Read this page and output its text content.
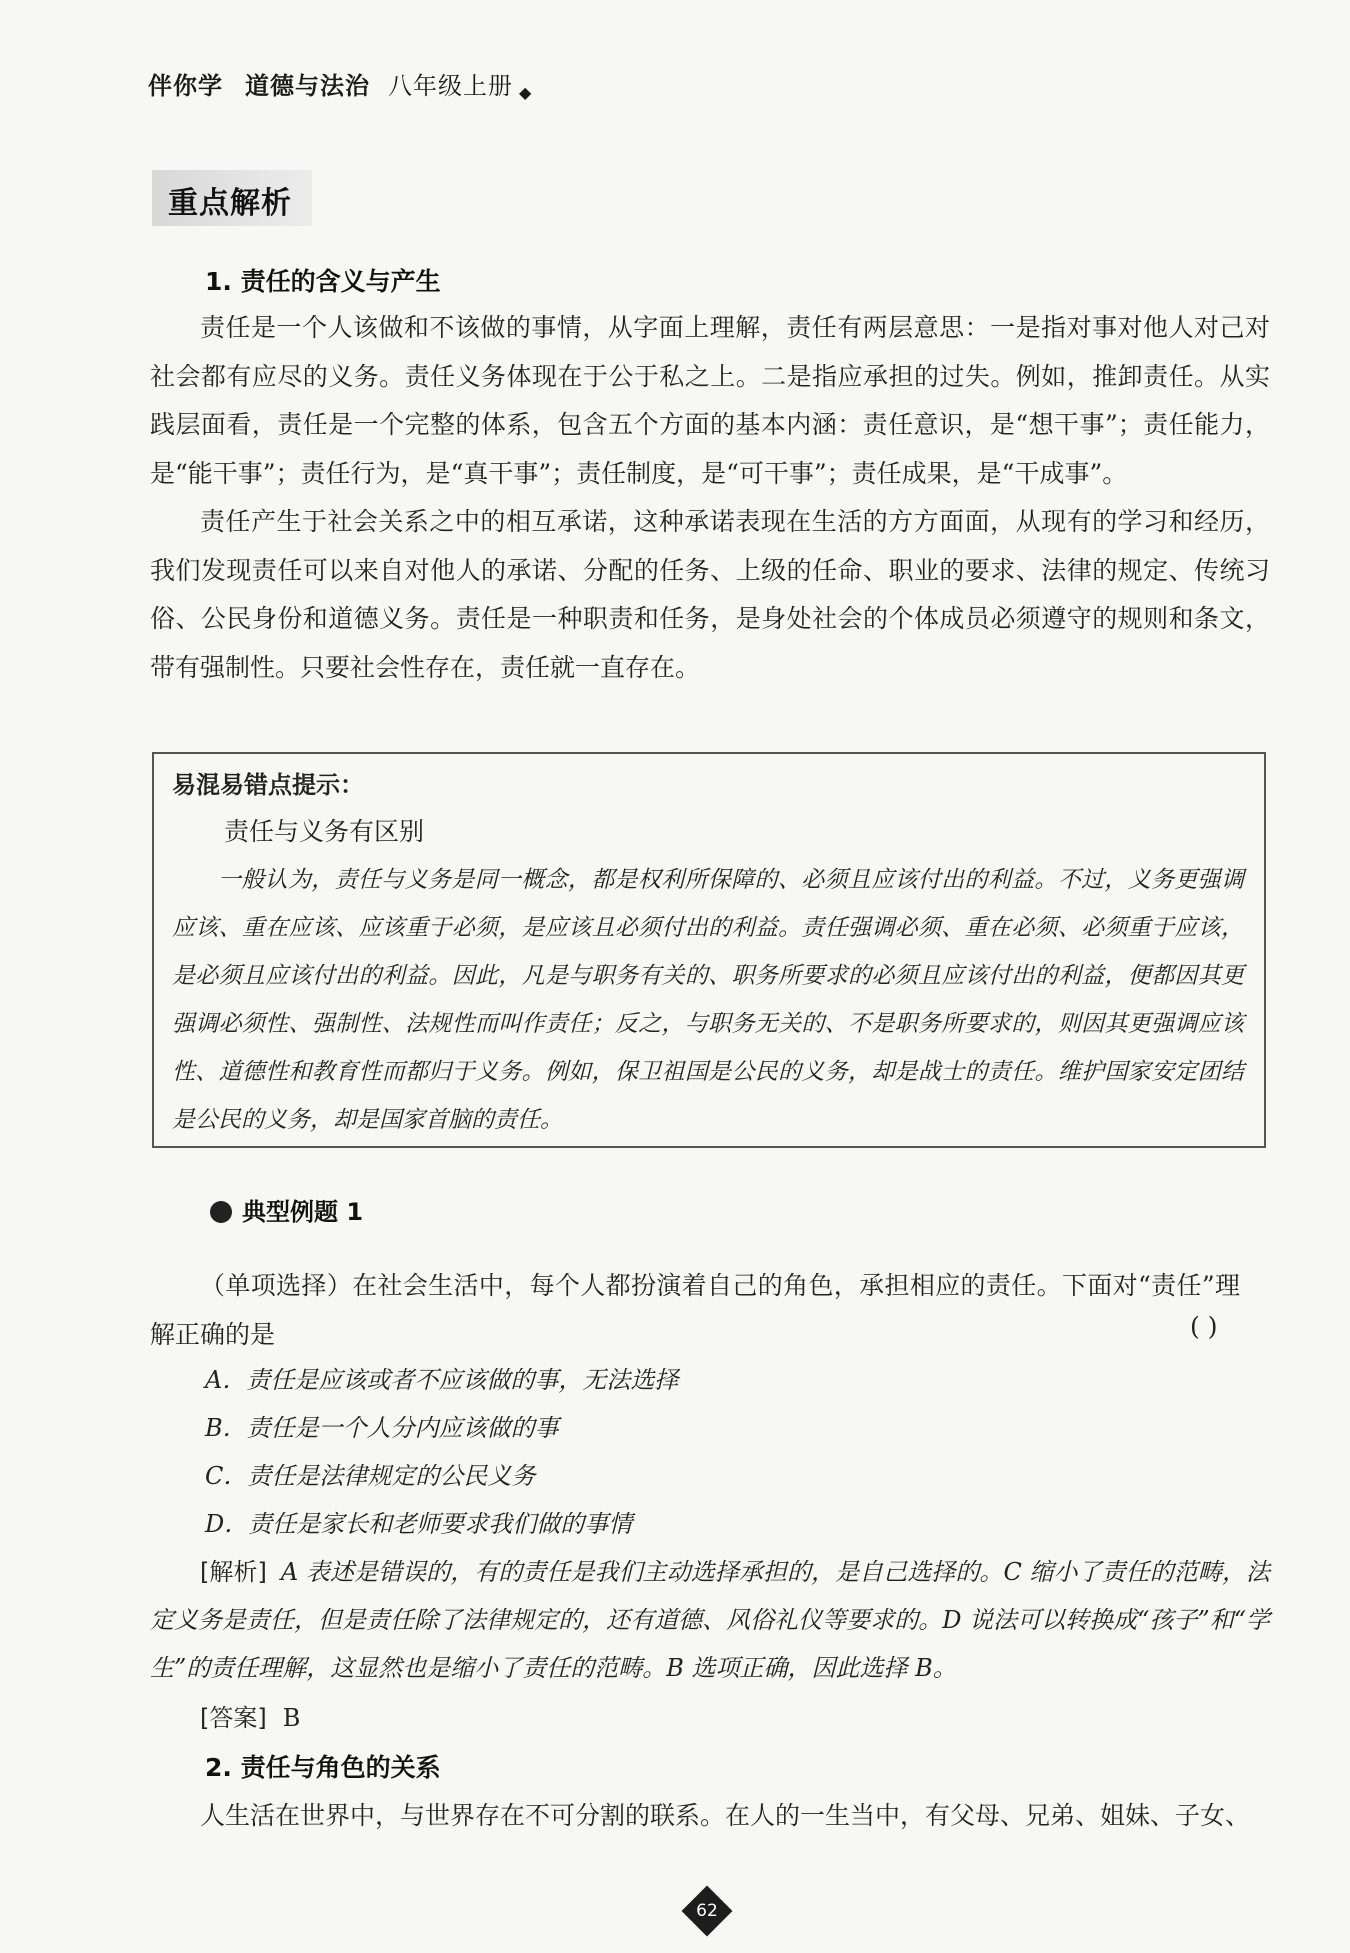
伴你学 道德与法治 八年级上册 ◆
重点解析
1. 责任的含义与产生

责任是一个人该做和不该做的事情，从字面上理解，责任有两层意思：一是指对事对他人对己对社会都有应尽的义务。责任义务体现在于公于私之上。二是指应承担的过失。例如，推卸责任。从实践层面看，责任是一个完整的体系，包含五个方面的基本内涵：责任意识，是“想干事”；责任能力，是“能干事”；责任行为，是“真干事”；责任制度，是“可干事”；责任成果，是“干成事”。

责任产生于社会关系之中的相互承诺，这种承诺表现在生活的方方面面，从现有的学习和经历，我们发现责任可以来自对他人的承诺、分配的任务、上级的任命、职业的要求、法律的规定、传统习俗、公民身份和道德义务。责任是一种职责和任务，是身处社会的个体成员必须遵守的规则和条文，带有强制性。只要社会性存在，责任就一直存在。

易混易错点提示：

责任与义务有区别

一般认为，责任与义务是同一概念，都是权利所保障的、必须且应该付出的利益。不过，义务更强调应该、重在应该、应该重于必须，是应该且必须付出的利益。责任强调必须、重在必须、必须重于应该，是必须且应该付出的利益。因此，凡是与职务有关的、职务所要求的必须且应该付出的利益，便都因其更强调必须性、强制性、法规性而叫作责任；反之，与职务无关的、不是职务所要求的，则因其更强调应该性、道德性和教育性而都归于义务。例如，保卫祖国是公民的义务，却是战士的责任。维护国家安定团结是公民的义务，却是国家首脑的责任。

典型例题 1

（单项选择）在社会生活中，每个人都扮演着自己的角色，承担相应的责任。下面对“责任”理解正确的是	( )
A．责任是应该或者不应该做的事，无法选择
B．责任是一个人分内应该做的事
C．责任是法律规定的公民义务
D．责任是家长和老师要求我们做的事情

[解析] A 表述是错误的，有的责任是我们主动选择承担的，是自己选择的。C 缩小了责任的范畴，法定义务是责任，但是责任除了法律规定的，还有道德、风俗礼仪等要求的。D 说法可以转换成“孩子”和“学生”的责任理解，这显然也是缩小了责任的范畴。B 选项正确，因此选择 B。

[答案] B
2. 责任与角色的关系

人生活在世界中，与世界存在不可分割的联系。在人的一生当中，有父母、兄弟、姐妹、子女、

62
